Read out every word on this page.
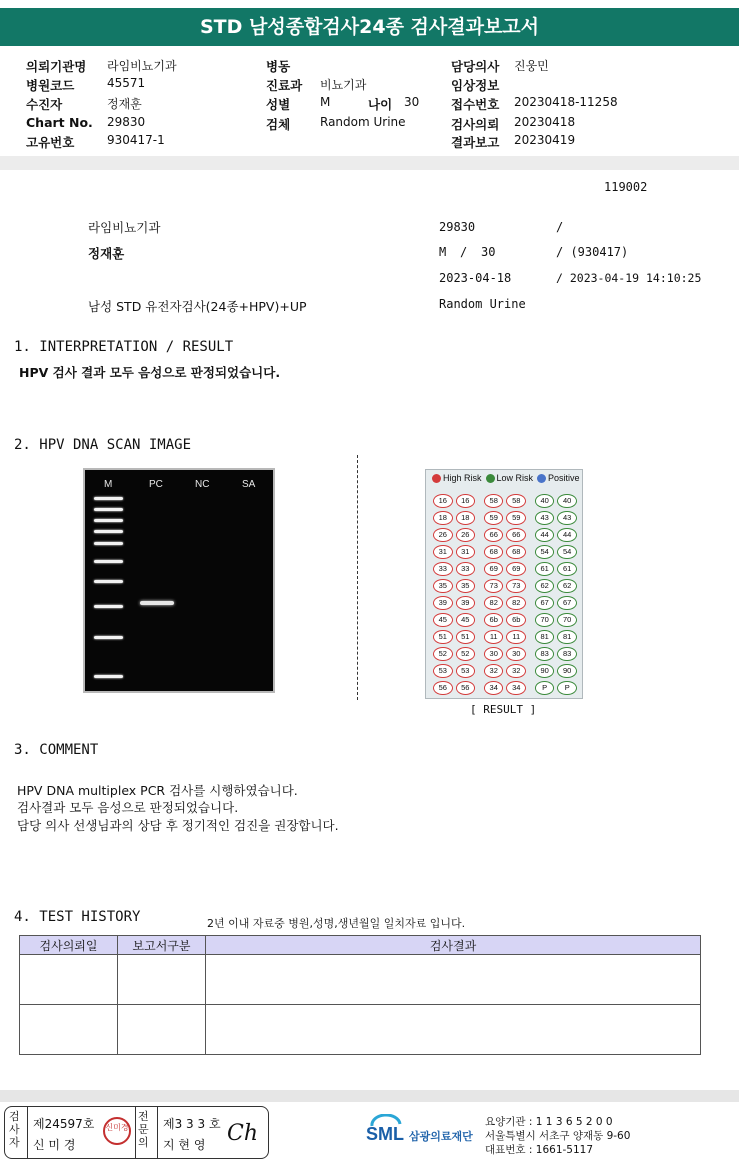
STD 남성종합검사24종 검사결과보고서
의뢰기관명 라임비뇨기과
병원코드	45571
수진자	정재훈
Chart No. 29830
고유번호	930417-1
병동
진료과 비뇨기과
성별 M	나이 30
검체 Random Urine
담당의사 진웅민
임상정보
접수번호 20230418-11258
검사의뢰 20230418
결과보고 20230419
119002
라임비뇨기과
정재훈
남성 STD 유전자검사(24종+HPV)+UP
29830	/
M / 30	/ (930417)
2023-04-18	/ 2023-04-19 14:10:25
Random Urine
1. INTERPRETATION / RESULT
HPV 검사 결과 모두 음성으로 판정되었습니다.
2. HPV DNA SCAN IMAGE
M	PC	NC	SA
High Risk Low Risk Positive
16	16	58	58	40	40
18	18	59	59	43	43
26	26	66	66	44	44
31	31	68	68	54	54
33	33	69	69	61	61
35	35	73	73	62	62
39	39	82	82	67	67
45	45	6b	6b	70	70
51	51	11	11	81	81
52	52	30	30	83	83
53	53	32	32	90	90
56	56	34	34	P	P
[ RESULT ]
3. COMMENT
HPV DNA multiplex PCR 검사를 시행하였습니다.
검사결과 모두 음성으로 판정되었습니다.
담당 의사 선생님과의 상담 후 정기적인 검진을 권장합니다.
4. TEST HISTORY	2년 이내 자료중 병원,성명,생년월일 일치자료 입니다.
검사의뢰일	보고서구분	검사결과

검사자
제24597호
신 미 경
신미경
전문의
제3 3 3 호
지 현 영 Ch	SML 삼광의료재단
요양기관 : 1 1 3 6 5 2 0 0
서울특별시 서초구 양재동 9-60
대표번호 : 1661-5117
